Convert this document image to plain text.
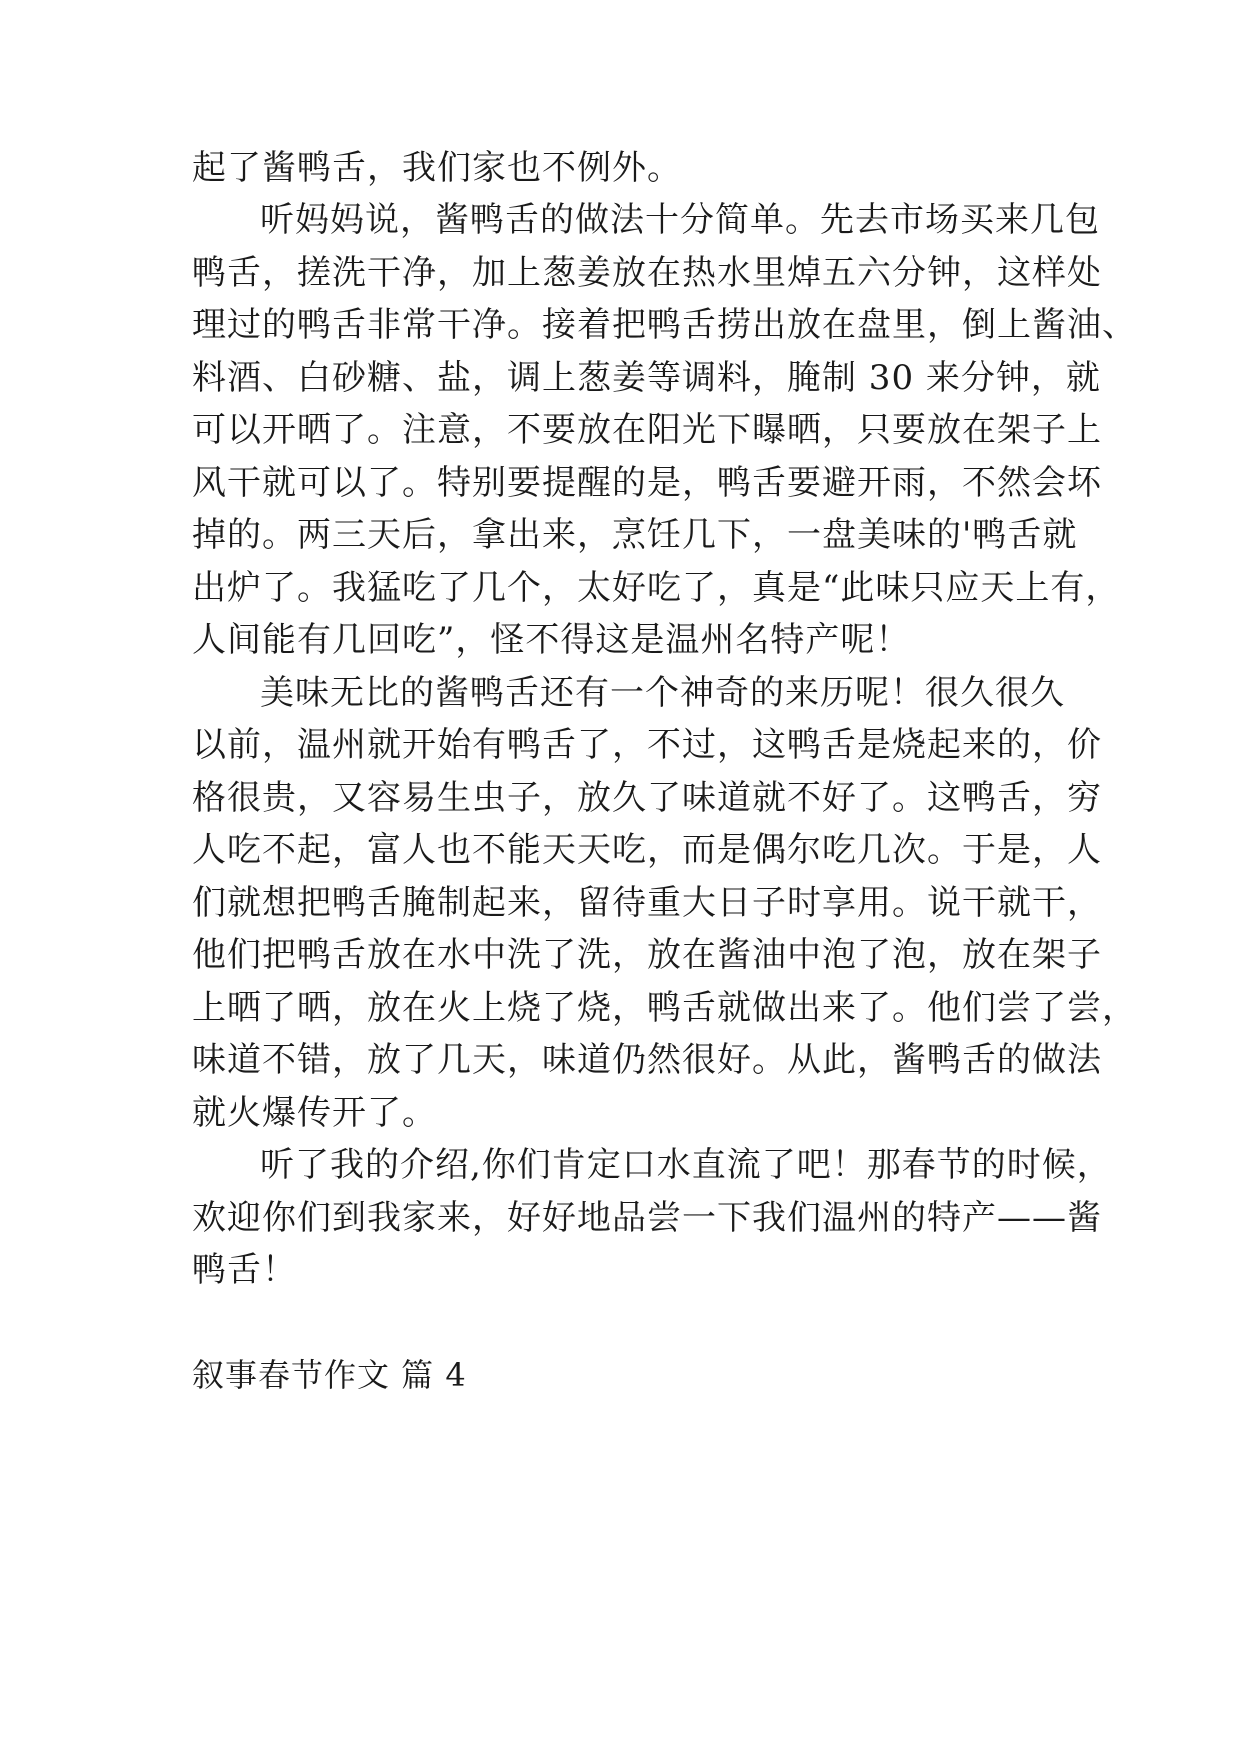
起了酱鸭舌，我们家也不例外。
听妈妈说，酱鸭舌的做法十分简单。先去市场买来几包
鸭舌，搓洗干净，加上葱姜放在热水里焯五六分钟，这样处
理过的鸭舌非常干净。接着把鸭舌捞出放在盘里，倒上酱油、
料酒、白砂糖、盐，调上葱姜等调料，腌制 30 来分钟，就
可以开晒了。注意，不要放在阳光下曝晒，只要放在架子上
风干就可以了。特别要提醒的是，鸭舌要避开雨，不然会坏
掉的。两三天后，拿出来，烹饪几下，一盘美味的'鸭舌就
出炉了。我猛吃了几个，太好吃了，真是“此味只应天上有，
人间能有几回吃”，怪不得这是温州名特产呢！
美味无比的酱鸭舌还有一个神奇的来历呢！很久很久
以前，温州就开始有鸭舌了，不过，这鸭舌是烧起来的，价
格很贵，又容易生虫子，放久了味道就不好了。这鸭舌，穷
人吃不起，富人也不能天天吃，而是偶尔吃几次。于是，人
们就想把鸭舌腌制起来，留待重大日子时享用。说干就干，
他们把鸭舌放在水中洗了洗，放在酱油中泡了泡，放在架子
上晒了晒，放在火上烧了烧，鸭舌就做出来了。他们尝了尝，
味道不错，放了几天，味道仍然很好。从此，酱鸭舌的做法
就火爆传开了。
听了我的介绍,你们肯定口水直流了吧！那春节的时候，
欢迎你们到我家来，好好地品尝一下我们温州的特产——酱
鸭舌！
叙事春节作文 篇 4
